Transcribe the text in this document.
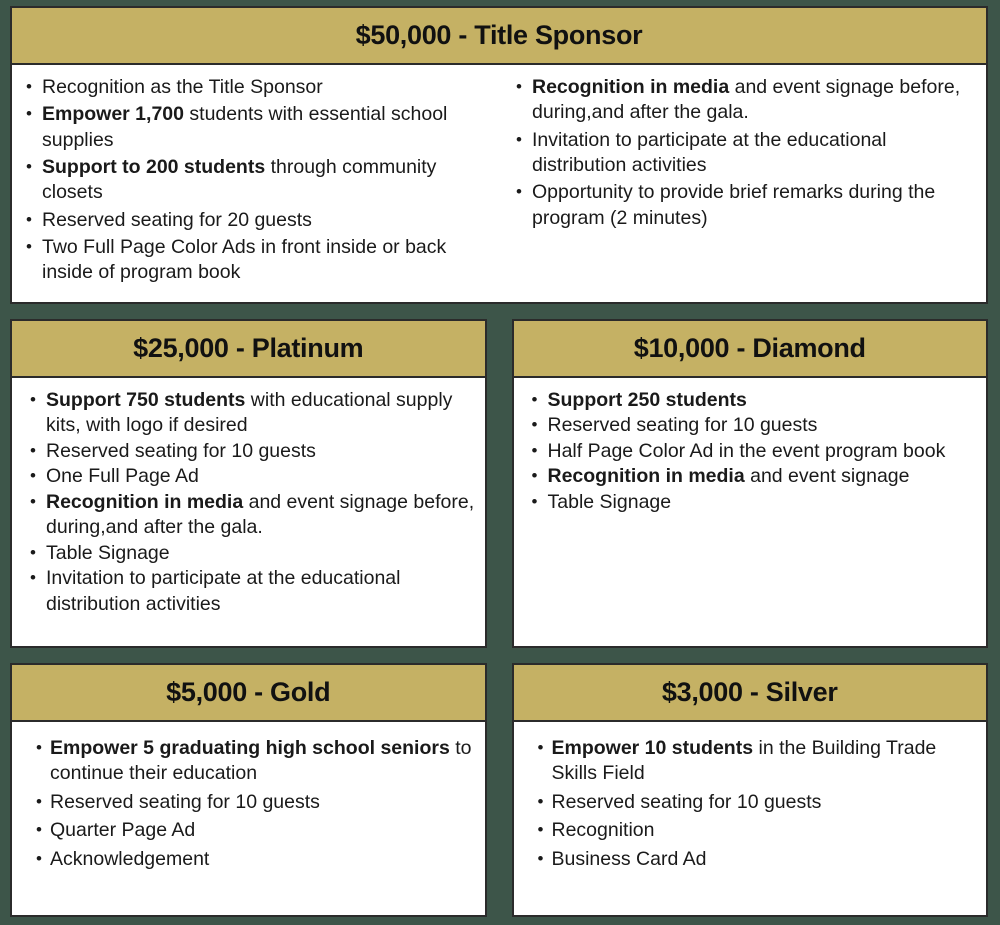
$50,000 - Title Sponsor
• Recognition as the Title Sponsor
• Empower 1,700 students with essential school supplies
• Support to 200 students through community closets
• Reserved seating for 20 guests
• Two Full Page Color Ads in front inside or back inside of program book
• Recognition in media and event signage before, during,and after the gala.
• Invitation to participate at the educational distribution activities
• Opportunity to provide brief remarks during the program (2 minutes)
$25,000 - Platinum
• Support 750 students with educational supply kits, with logo if desired
• Reserved seating for 10 guests
• One Full Page Ad
• Recognition in media and event signage before, during,and after the gala.
• Table Signage
• Invitation to participate at the educational distribution activities
$10,000 - Diamond
• Support 250 students
• Reserved seating for 10 guests
• Half Page Color Ad in the event program book
• Recognition in media and event signage
• Table Signage
$5,000 - Gold
• Empower 5 graduating high school seniors to continue their education
• Reserved seating for 10 guests
• Quarter Page Ad
• Acknowledgement
$3,000 - Silver
• Empower 10 students in the Building Trade Skills Field
• Reserved seating for 10 guests
• Recognition
• Business Card Ad
